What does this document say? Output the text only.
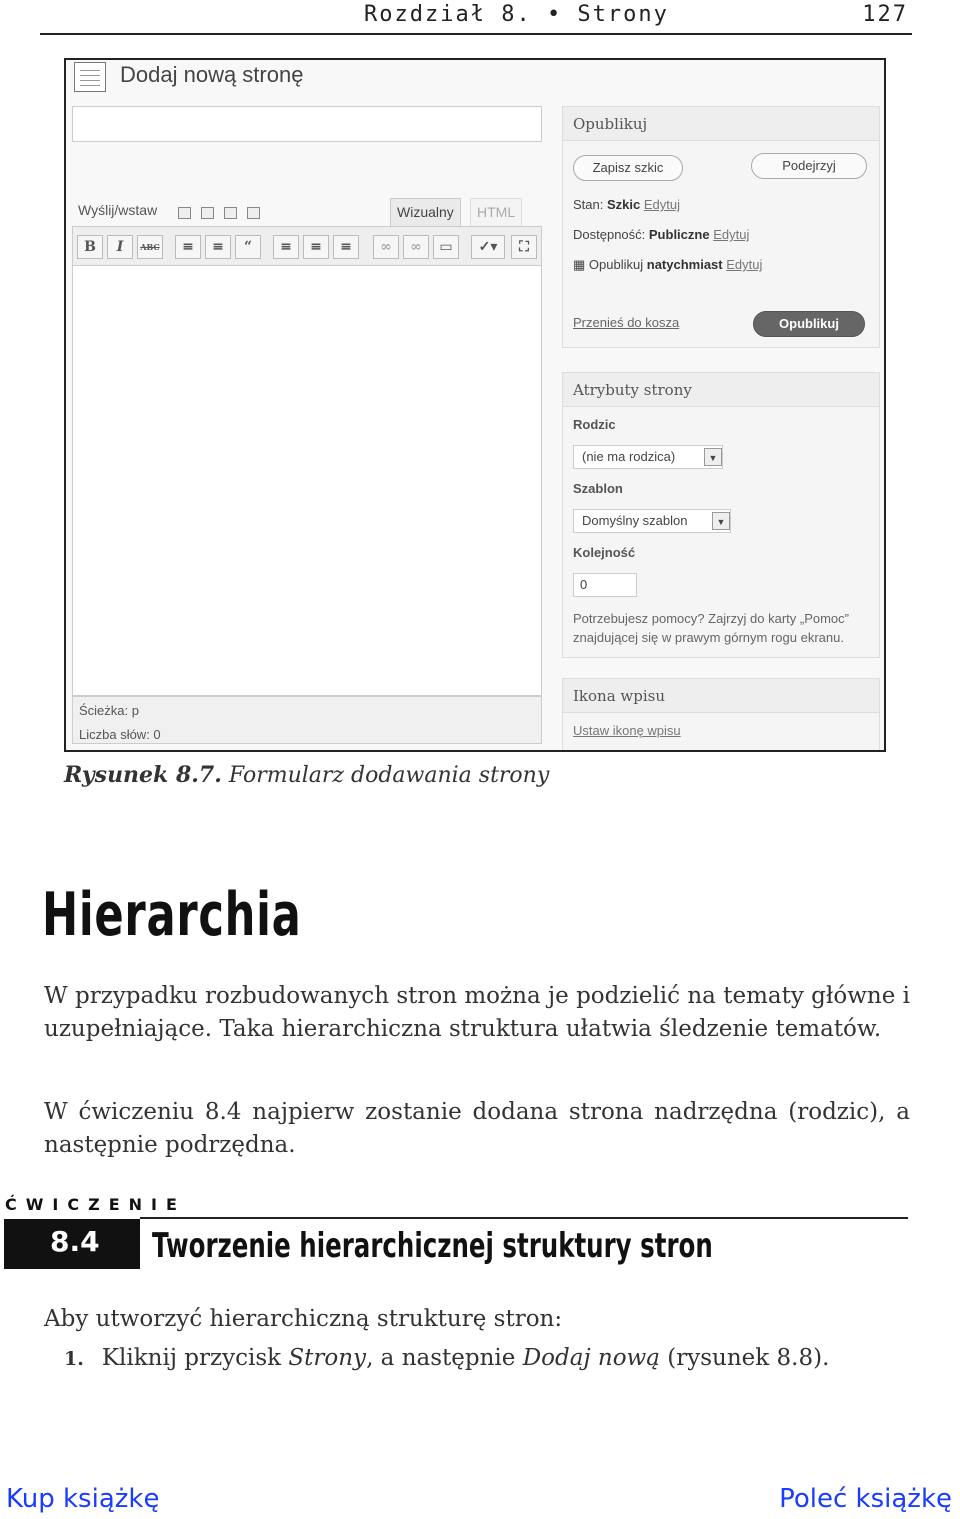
Rozdział 8. • Strony	127
Dodaj nową stronę
Wyślij/wstaw	Wizualny	HTML
B	I	ABC	≡	≡	“	≡	≡	≡	∞	∞	▭	✓▾	⛶
Ścieżka: p
Liczba słów: 0
Opublikuj
Zapisz szkic	Podejrzyj
Stan: Szkic Edytuj
Dostępność: Publiczne Edytuj
▦ Opublikuj natychmiast Edytuj
Przenieś do kosza	Opublikuj
Atrybuty strony
Rodzic
(nie ma rodzica)	▼
Szablon
Domyślny szablon	▼
Kolejność
0
Potrzebujesz pomocy? Zajrzyj do karty „Pomoc” znajdującej się w prawym górnym rogu ekranu.
Ikona wpisu
Ustaw ikonę wpisu
Rysunek 8.7. Formularz dodawania strony
Hierarchia
W przypadku rozbudowanych stron można je podzielić na tematy główne i uzupełniające. Taka hierarchiczna struktura ułatwia śledzenie tematów.
W ćwiczeniu 8.4 najpierw zostanie dodana strona nadrzędna (rodzic), a następnie podrzędna.
ĆWICZENIE
8.4 Tworzenie hierarchicznej struktury stron
Aby utworzyć hierarchiczną strukturę stron:
1. Kliknij przycisk Strony, a następnie Dodaj nową (rysunek 8.8).
Kup książkę	Poleć książkę
